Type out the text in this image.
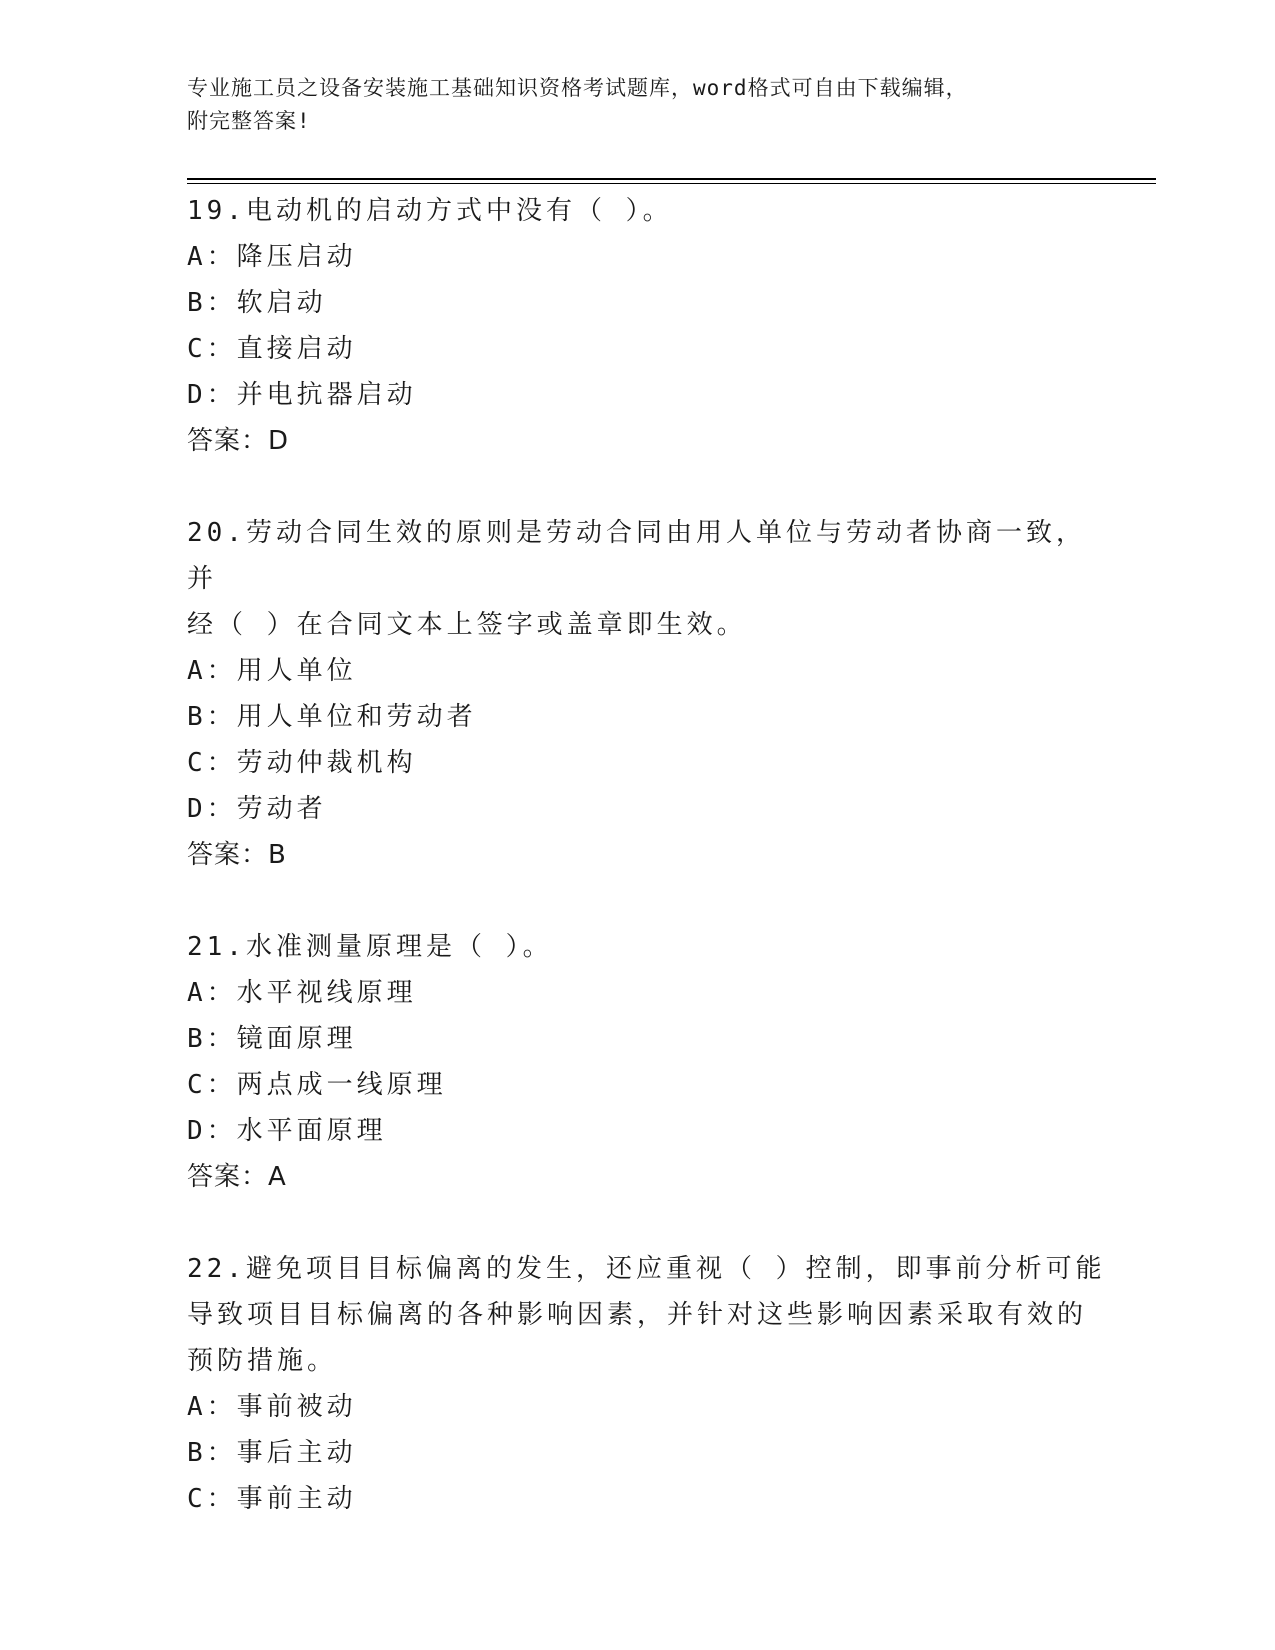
专业施工员之设备安装施工基础知识资格考试题库，word格式可自由下载编辑，
附完整答案!
19.电动机的启动方式中没有（ ）。
A：降压启动
B：软启动
C：直接启动
D：并电抗器启动
答案：D
20.劳动合同生效的原则是劳动合同由用人单位与劳动者协商一致，并
经（ ）在合同文本上签字或盖章即生效。
A：用人单位
B：用人单位和劳动者
C：劳动仲裁机构
D：劳动者
答案：B
21.水准测量原理是（ ）。
A：水平视线原理
B：镜面原理
C：两点成一线原理
D：水平面原理
答案：A
22.避免项目目标偏离的发生，还应重视（ ）控制，即事前分析可能
导致项目目标偏离的各种影响因素，并针对这些影响因素采取有效的
预防措施。
A：事前被动
B：事后主动
C：事前主动
